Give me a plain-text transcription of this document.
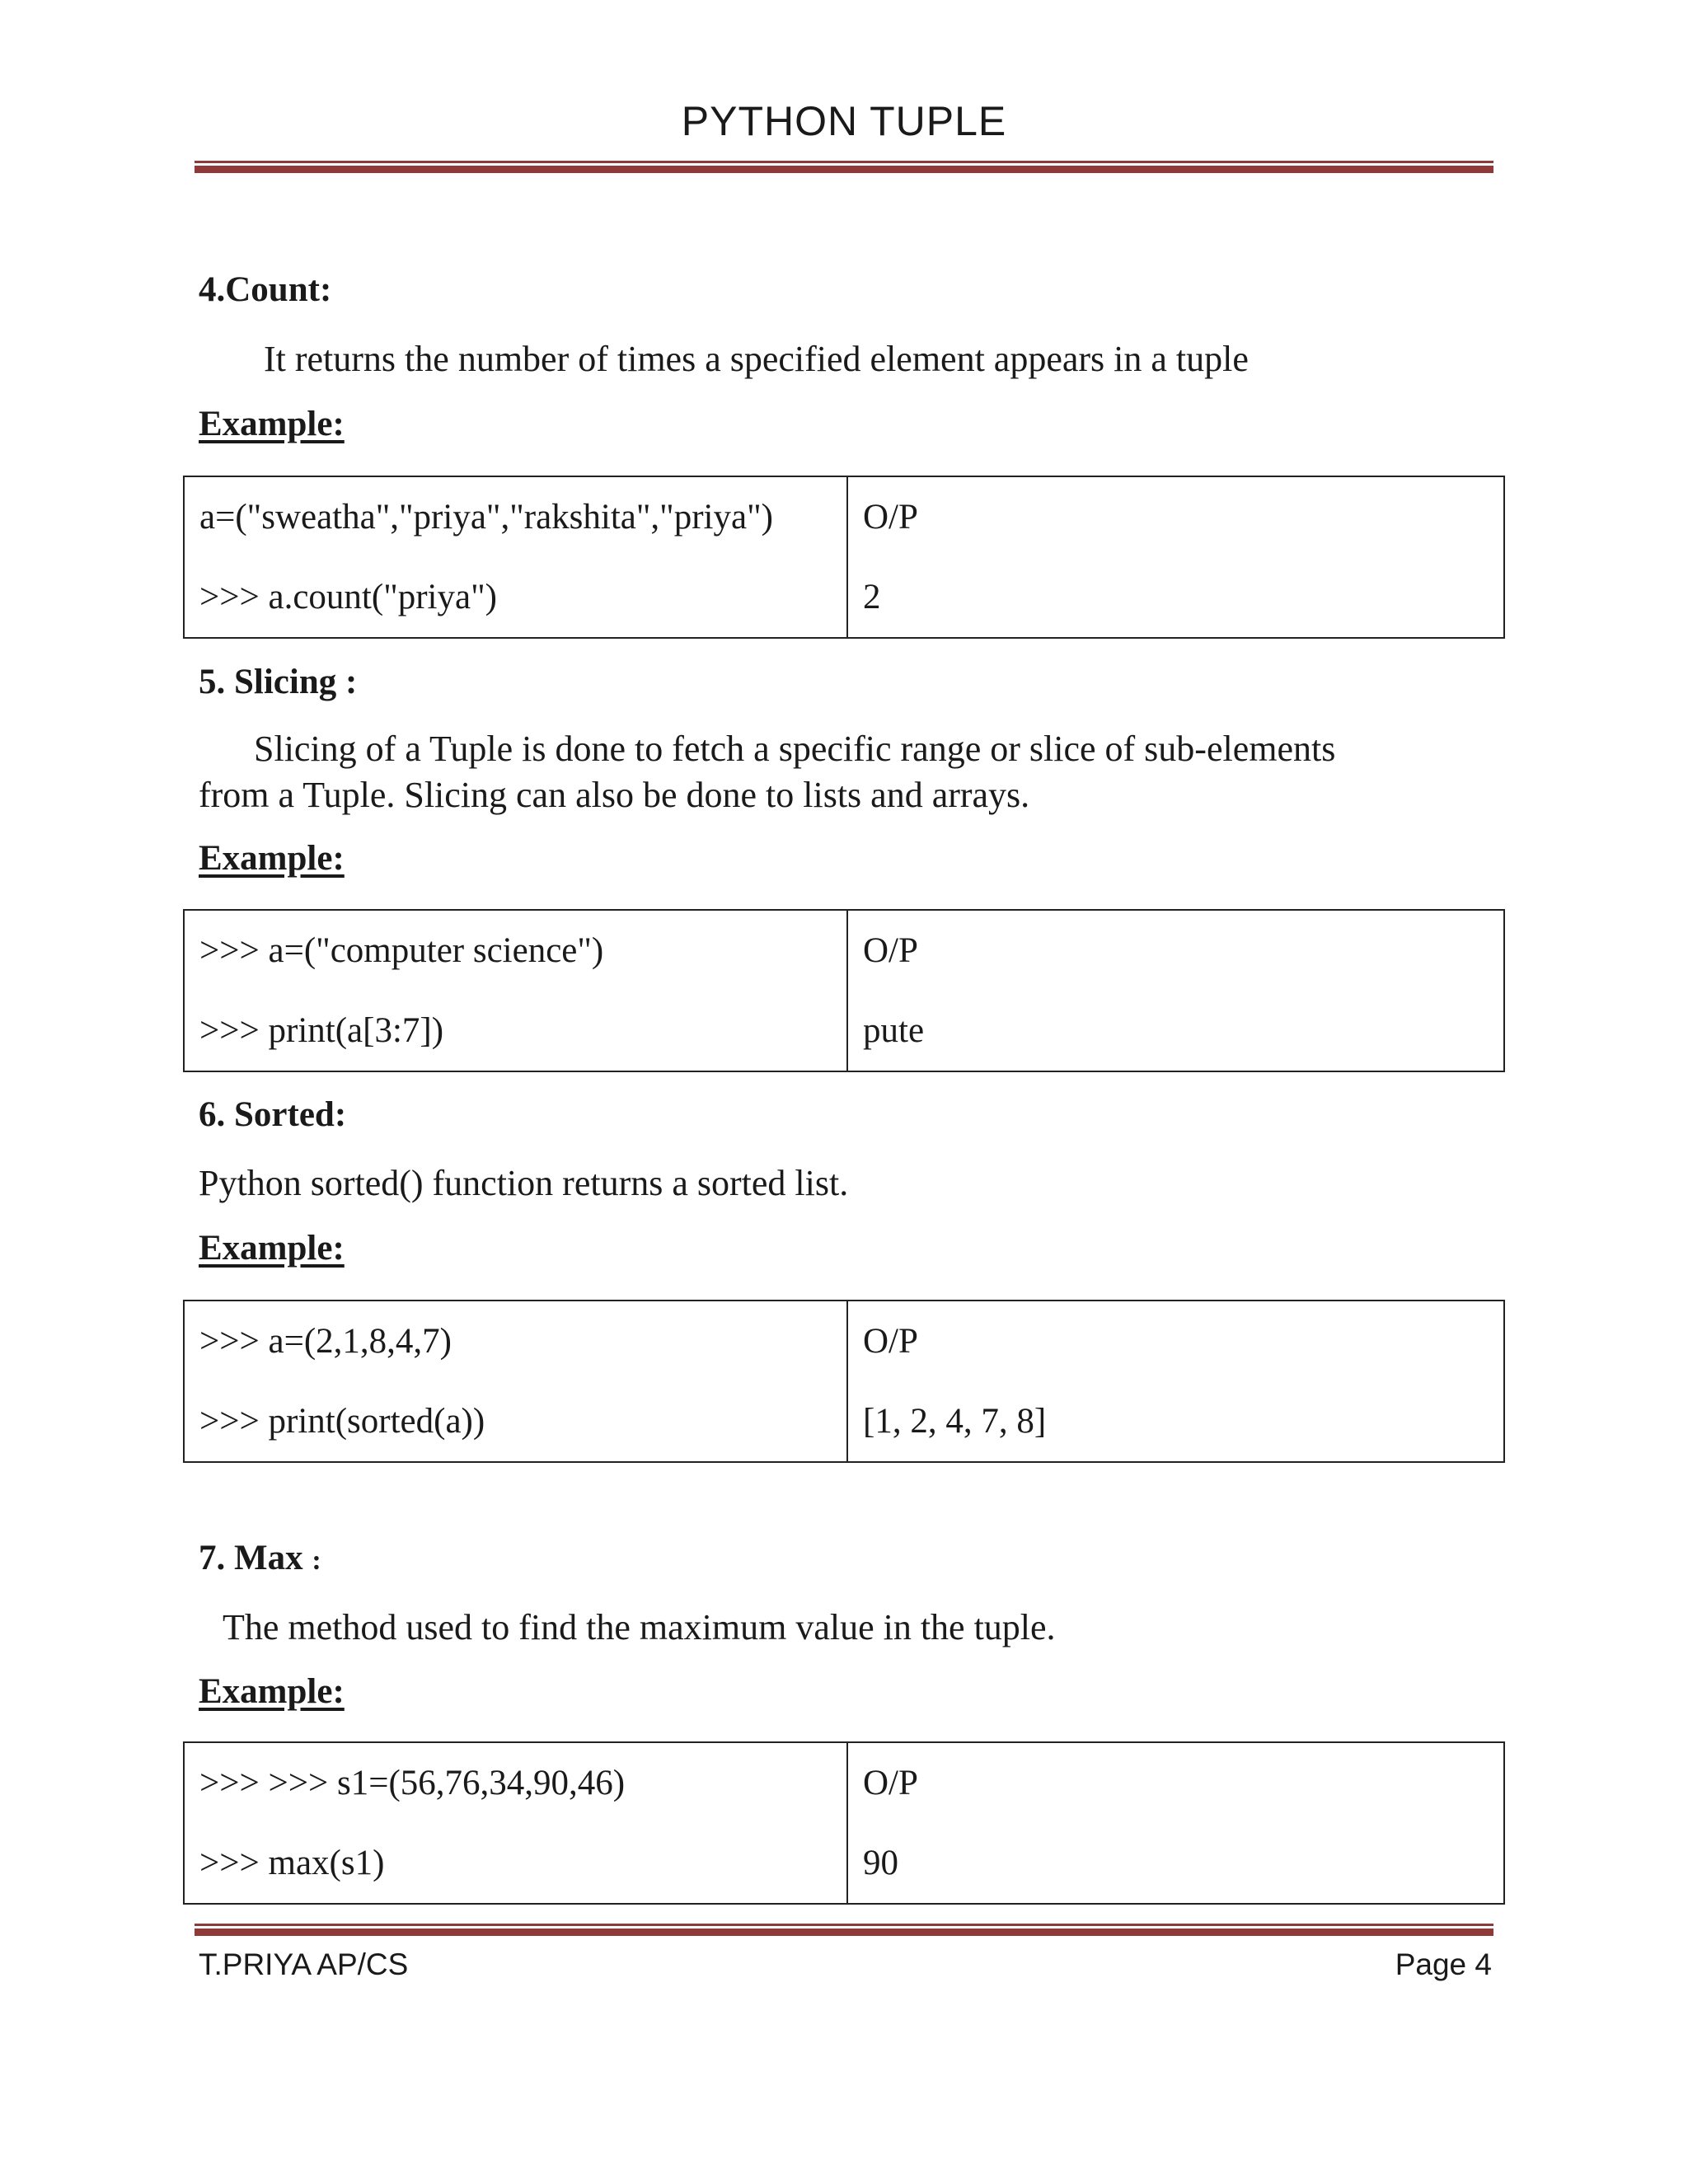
PYTHON TUPLE
4.Count:
It returns the number of times a specified element appears in a tuple
Example:
a=("sweatha","priya","rakshita","priya")	O/P
>>> a.count("priya")	2
5. Slicing :
Slicing of a Tuple is done to fetch a specific range or slice of sub-elements
from a Tuple. Slicing can also be done to lists and arrays.
Example:
>>> a=("computer science")	O/P
>>> print(a[3:7])	pute
6. Sorted:
Python sorted() function returns a sorted list.
Example:
>>> a=(2,1,8,4,7)	O/P
>>> print(sorted(a))	[1, 2, 4, 7, 8]
7. Max :
The method used to find the maximum value in the tuple.
Example:
>>> >>> s1=(56,76,34,90,46)	O/P
>>> max(s1)	90
T.PRIYA AP/CS	Page 4
